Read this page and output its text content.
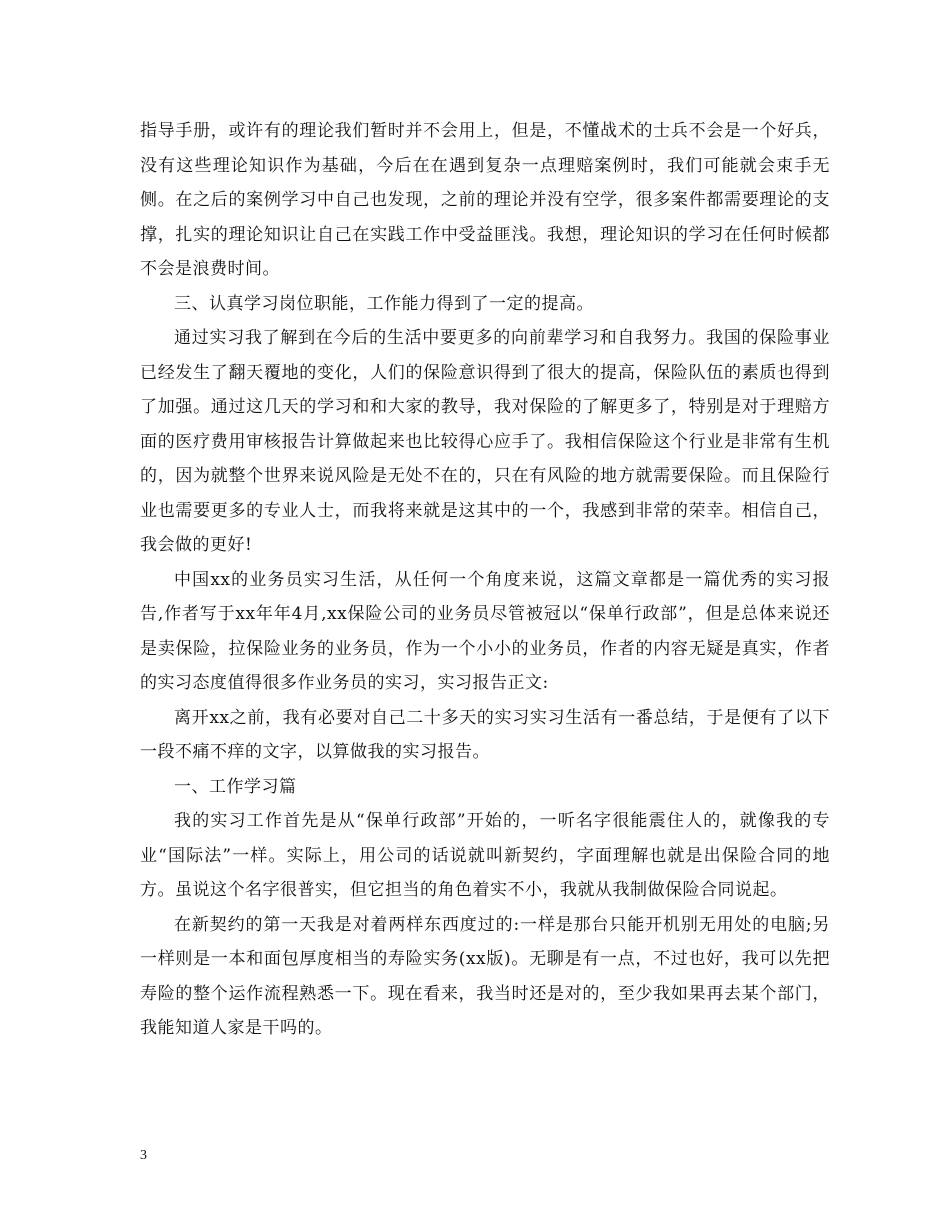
指导手册，或许有的理论我们暂时并不会用上，但是，不懂战术的士兵不会是一个好兵，没有这些理论知识作为基础，今后在在遇到复杂一点理赔案例时，我们可能就会束手无侧。在之后的案例学习中自己也发现，之前的理论并没有空学，很多案件都需要理论的支撑，扎实的理论知识让自己在实践工作中受益匪浅。我想，理论知识的学习在任何时候都不会是浪费时间。

三、认真学习岗位职能，工作能力得到了一定的提高。

通过实习我了解到在今后的生活中要更多的向前辈学习和自我努力。我国的保险事业已经发生了翻天覆地的变化，人们的保险意识得到了很大的提高，保险队伍的素质也得到了加强。通过这几天的学习和和大家的教导，我对保险的了解更多了，特别是对于理赔方面的医疗费用审核报告计算做起来也比较得心应手了。我相信保险这个行业是非常有生机的，因为就整个世界来说风险是无处不在的，只在有风险的地方就需要保险。而且保险行业也需要更多的专业人士，而我将来就是这其中的一个，我感到非常的荣幸。相信自己，我会做的更好!

中国xx的业务员实习生活，从任何一个角度来说，这篇文章都是一篇优秀的实习报告,作者写于xx年年4月,xx保险公司的业务员尽管被冠以“保单行政部”，但是总体来说还是卖保险，拉保险业务的业务员，作为一个小小的业务员，作者的内容无疑是真实，作者的实习态度值得很多作业务员的实习，实习报告正文:

离开xx之前，我有必要对自己二十多天的实习实习生活有一番总结，于是便有了以下一段不痛不痒的文字，以算做我的实习报告。

一、工作学习篇

我的实习工作首先是从“保单行政部”开始的，一听名字很能震住人的，就像我的专业“国际法”一样。实际上，用公司的话说就叫新契约，字面理解也就是出保险合同的地方。虽说这个名字很普实，但它担当的角色着实不小，我就从我制做保险合同说起。

在新契约的第一天我是对着两样东西度过的:一样是那台只能开机别无用处的电脑;另一样则是一本和面包厚度相当的寿险实务(xx版)。无聊是有一点，不过也好，我可以先把寿险的整个运作流程熟悉一下。现在看来，我当时还是对的，至少我如果再去某个部门，我能知道人家是干吗的。

3
